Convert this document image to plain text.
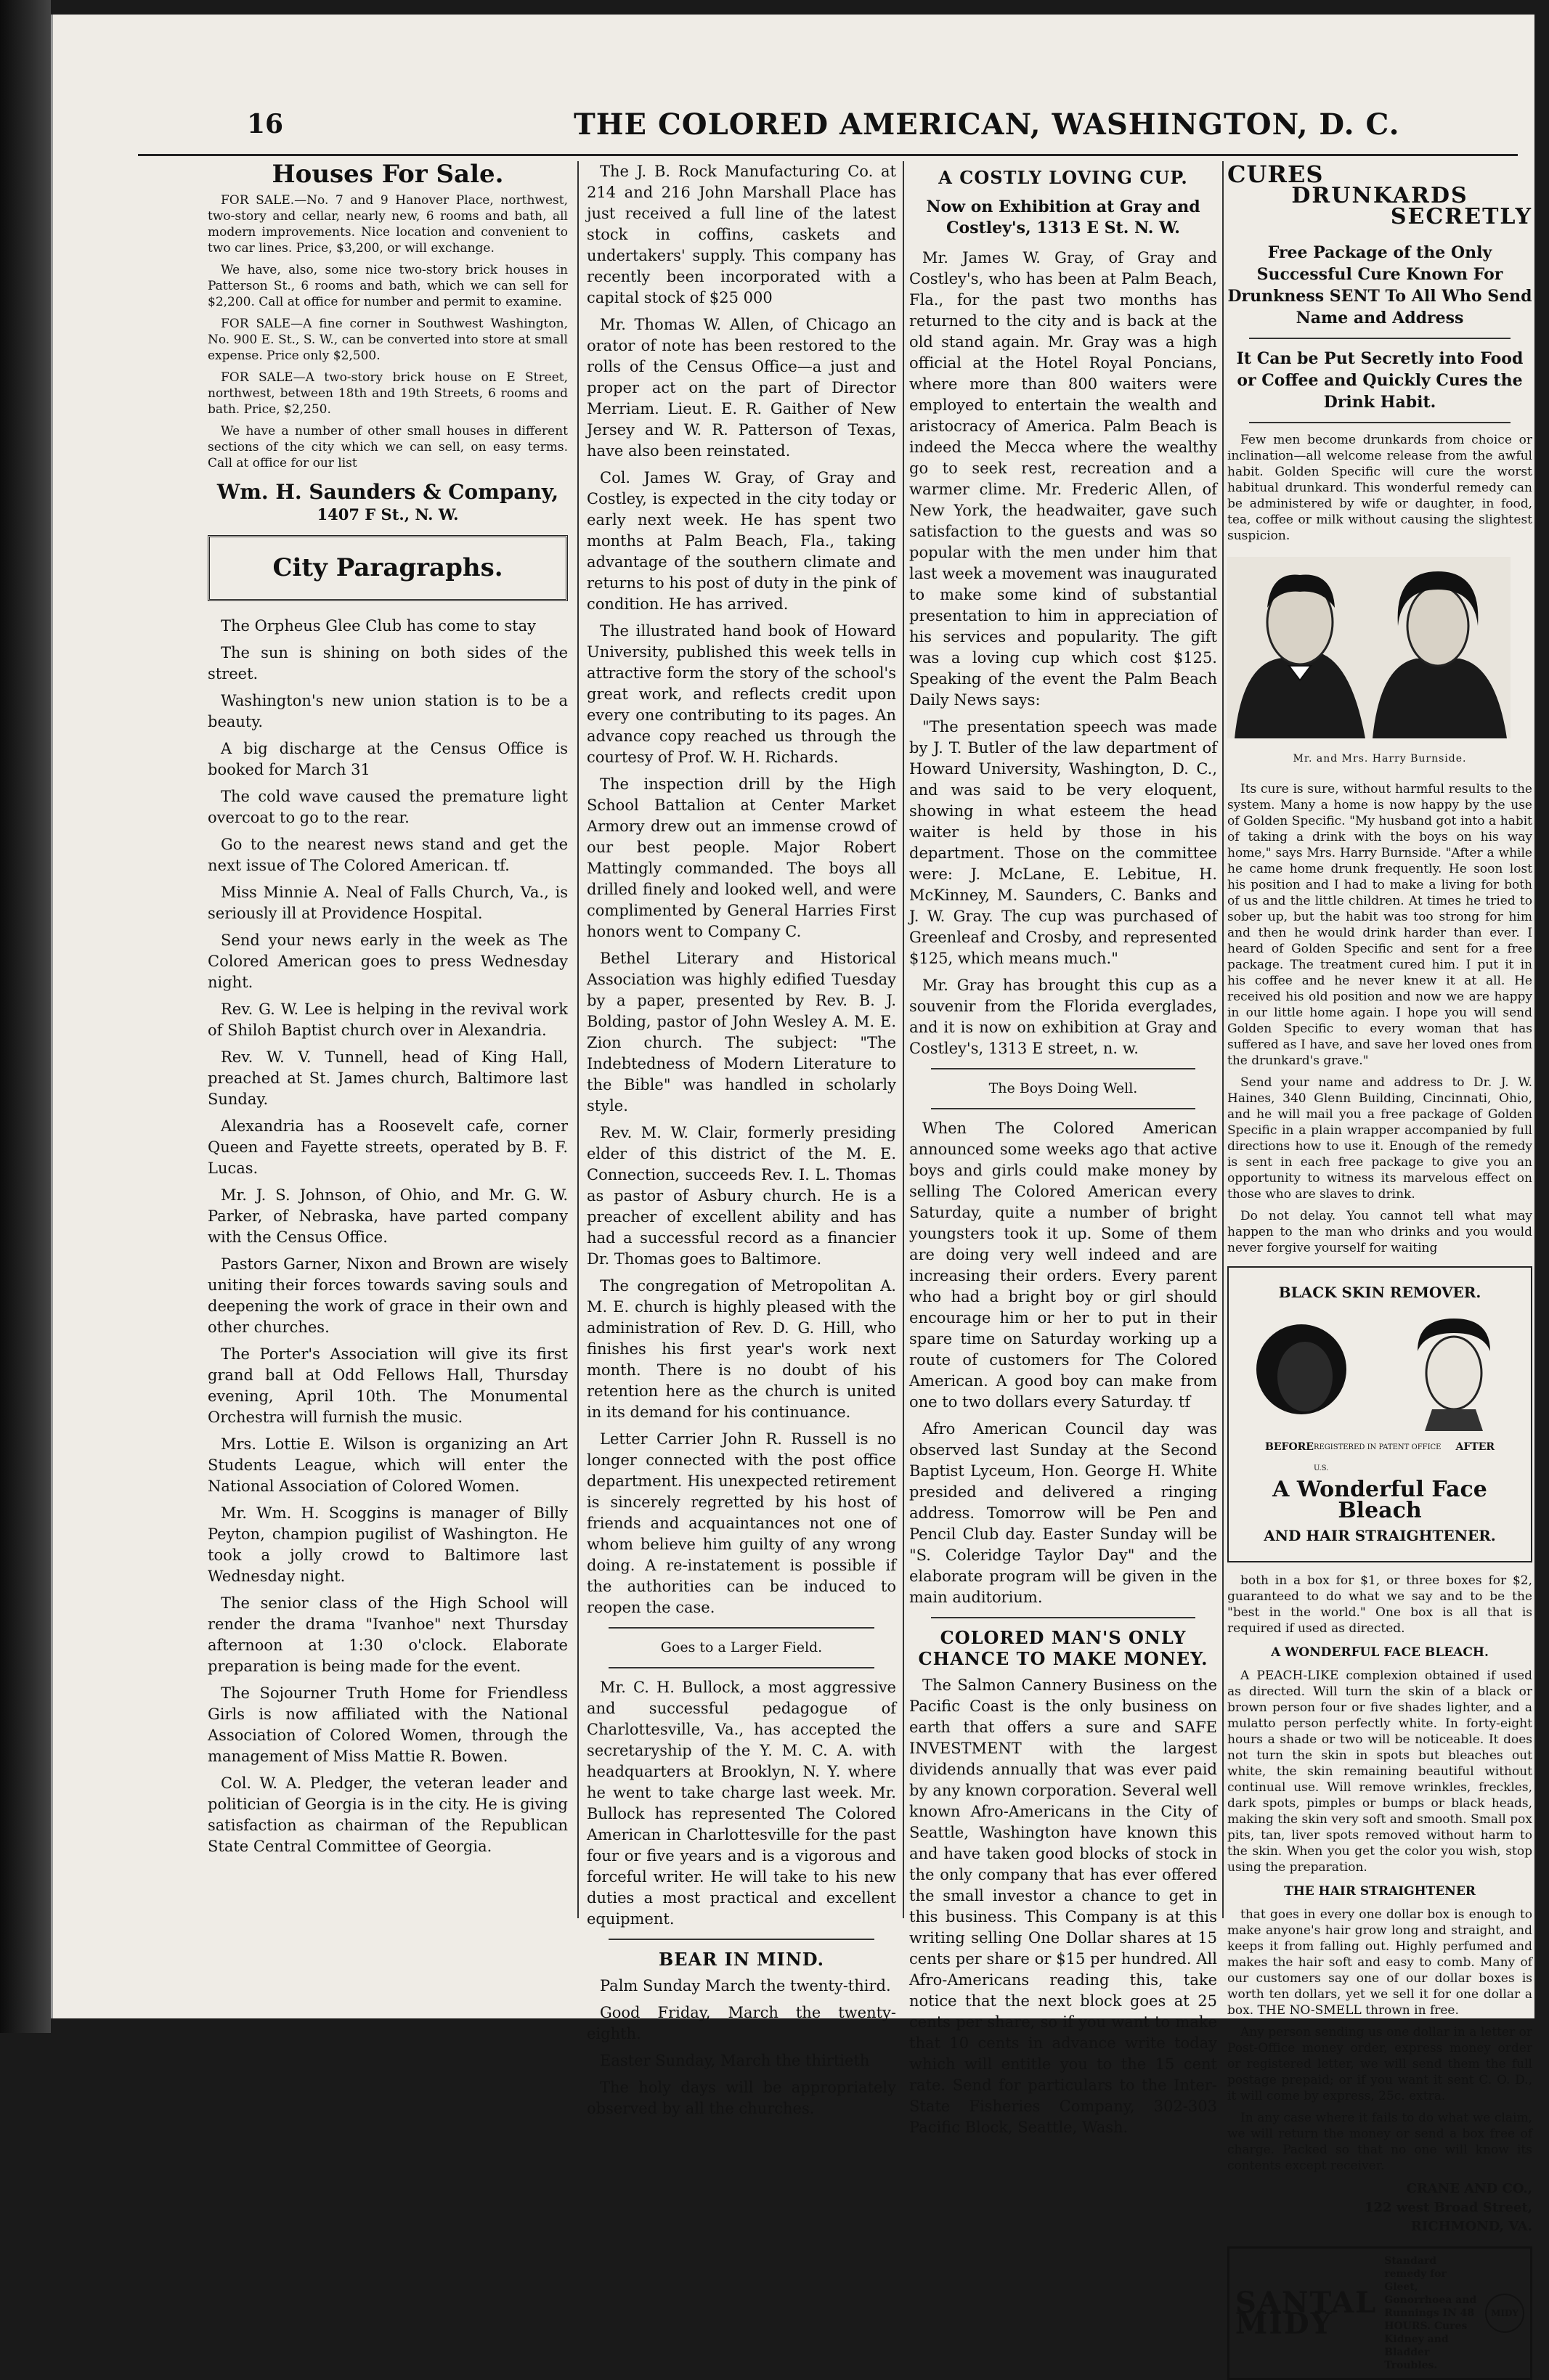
16	THE COLORED AMERICAN, WASHINGTON, D. C.
Houses For Sale.

FOR SALE.—No. 7 and 9 Hanover Place, northwest, two-story and cellar, nearly new, 6 rooms and bath, all modern improvements. Nice location and convenient to two car lines. Price, $3,200, or will exchange.

We have, also, some nice two-story brick houses in Patterson St., 6 rooms and bath, which we can sell for $2,200. Call at office for number and permit to examine.

FOR SALE—A fine corner in Southwest Washington, No. 900 E. St., S. W., can be converted into store at small expense. Price only $2,500.

FOR SALE—A two-story brick house on E Street, northwest, between 18th and 19th Streets, 6 rooms and bath. Price, $2,250.

We have a number of other small houses in different sections of the city which we can sell, on easy terms. Call at office for our list

Wm. H. Saunders & Company,
1407 F St., N. W.
City Paragraphs.

The Orpheus Glee Club has come to stay

The sun is shining on both sides of the street.

Washington's new union station is to be a beauty.

A big discharge at the Census Office is booked for March 31

The cold wave caused the premature light overcoat to go to the rear.

Go to the nearest news stand and get the next issue of The Colored American. tf.

Miss Minnie A. Neal of Falls Church, Va., is seriously ill at Providence Hospital.

Send your news early in the week as The Colored American goes to press Wednesday night.

Rev. G. W. Lee is helping in the revival work of Shiloh Baptist church over in Alexandria.

Rev. W. V. Tunnell, head of King Hall, preached at St. James church, Baltimore last Sunday.

Alexandria has a Roosevelt cafe, corner Queen and Fayette streets, operated by B. F. Lucas.

Mr. J. S. Johnson, of Ohio, and Mr. G. W. Parker, of Nebraska, have parted company with the Census Office.

Pastors Garner, Nixon and Brown are wisely uniting their forces towards saving souls and deepening the work of grace in their own and other churches.

The Porter's Association will give its first grand ball at Odd Fellows Hall, Thursday evening, April 10th. The Monumental Orchestra will furnish the music.

Mrs. Lottie E. Wilson is organizing an Art Students League, which will enter the National Association of Colored Women.

Mr. Wm. H. Scoggins is manager of Billy Peyton, champion pugilist of Washington. He took a jolly crowd to Baltimore last Wednesday night.

The senior class of the High School will render the drama "Ivanhoe" next Thursday afternoon at 1:30 o'clock. Elaborate preparation is being made for the event.

The Sojourner Truth Home for Friendless Girls is now affiliated with the National Association of Colored Women, through the management of Miss Mattie R. Bowen.

Col. W. A. Pledger, the veteran leader and politician of Georgia is in the city. He is giving satisfaction as chairman of the Republican State Central Committee of Georgia.

The J. B. Rock Manufacturing Co. at 214 and 216 John Marshall Place has just received a full line of the latest stock in coffins, caskets and undertakers' supply. This company has recently been incorporated with a capital stock of $25 000

Mr. Thomas W. Allen, of Chicago an orator of note has been restored to the rolls of the Census Office—a just and proper act on the part of Director Merriam. Lieut. E. R. Gaither of New Jersey and W. R. Patterson of Texas, have also been reinstated.

Col. James W. Gray, of Gray and Costley, is expected in the city today or early next week. He has spent two months at Palm Beach, Fla., taking advantage of the southern climate and returns to his post of duty in the pink of condition. He has arrived.

The illustrated hand book of Howard University, published this week tells in attractive form the story of the school's great work, and reflects credit upon every one contributing to its pages. An advance copy reached us through the courtesy of Prof. W. H. Richards.

The inspection drill by the High School Battalion at Center Market Armory drew out an immense crowd of our best people. Major Robert Mattingly commanded. The boys all drilled finely and looked well, and were complimented by General Harries First honors went to Company C.

Bethel Literary and Historical Association was highly edified Tuesday by a paper, presented by Rev. B. J. Bolding, pastor of John Wesley A. M. E. Zion church. The subject: "The Indebtedness of Modern Literature to the Bible" was handled in scholarly style.

Rev. M. W. Clair, formerly presiding elder of this district of the M. E. Connection, succeeds Rev. I. L. Thomas as pastor of Asbury church. He is a preacher of excellent ability and has had a successful record as a financier Dr. Thomas goes to Baltimore.

The congregation of Metropolitan A. M. E. church is highly pleased with the administration of Rev. D. G. Hill, who finishes his first year's work next month. There is no doubt of his retention here as the church is united in its demand for his continuance.

Letter Carrier John R. Russell is no longer connected with the post office department. His unexpected retirement is sincerely regretted by his host of friends and acquaintances not one of whom believe him guilty of any wrong doing. A re-instatement is possible if the authorities can be induced to reopen the case.

Goes to a Larger Field.

Mr. C. H. Bullock, a most aggressive and successful pedagogue of Charlottesville, Va., has accepted the secretaryship of the Y. M. C. A. with headquarters at Brooklyn, N. Y. where he went to take charge last week. Mr. Bullock has represented The Colored American in Charlottesville for the past four or five years and is a vigorous and forceful writer. He will take to his new duties a most practical and excellent equipment.

BEAR IN MIND.

Palm Sunday March the twenty-third.

Good Friday, March the twenty-eighth.

Easter Sunday, March the thirtieth

The holy days will be appropriately observed by all the churches.

A COSTLY LOVING CUP.
Now on Exhibition at Gray and Costley's, 1313 E St. N. W.

Mr. James W. Gray, of Gray and Costley's, who has been at Palm Beach, Fla., for the past two months has returned to the city and is back at the old stand again. Mr. Gray was a high official at the Hotel Royal Poncians, where more than 800 waiters were employed to entertain the wealth and aristocracy of America. Palm Beach is indeed the Mecca where the wealthy go to seek rest, recreation and a warmer clime. Mr. Frederic Allen, of New York, the headwaiter, gave such satisfaction to the guests and was so popular with the men under him that last week a movement was inaugurated to make some kind of substantial presentation to him in appreciation of his services and popularity. The gift was a loving cup which cost $125. Speaking of the event the Palm Beach Daily News says:

"The presentation speech was made by J. T. Butler of the law department of Howard University, Washington, D. C., and was said to be very eloquent, showing in what esteem the head waiter is held by those in his department. Those on the committee were: J. McLane, E. Lebitue, H. McKinney, M. Saunders, C. Banks and J. W. Gray. The cup was purchased of Greenleaf and Crosby, and represented $125, which means much."

Mr. Gray has brought this cup as a souvenir from the Florida everglades, and it is now on exhibition at Gray and Costley's, 1313 E street, n. w.

The Boys Doing Well.

When The Colored American announced some weeks ago that active boys and girls could make money by selling The Colored American every Saturday, quite a number of bright youngsters took it up. Some of them are doing very well indeed and are increasing their orders. Every parent who had a bright boy or girl should encourage him or her to put in their spare time on Saturday working up a route of customers for The Colored American. A good boy can make from one to two dollars every Saturday. tf

Afro American Council day was observed last Sunday at the Second Baptist Lyceum, Hon. George H. White presided and delivered a ringing address. Tomorrow will be Pen and Pencil Club day. Easter Sunday will be "S. Coleridge Taylor Day" and the elaborate program will be given in the main auditorium.

COLORED MAN'S ONLY CHANCE TO MAKE MONEY.

The Salmon Cannery Business on the Pacific Coast is the only business on earth that offers a sure and SAFE INVESTMENT with the largest dividends annually that was ever paid by any known corporation. Several well known Afro-Americans in the City of Seattle, Washington have known this and have taken good blocks of stock in the only company that has ever offered the small investor a chance to get in this business. This Company is at this writing selling One Dollar shares at 15 cents per share or $15 per hundred. All Afro-Americans reading this, take notice that the next block goes at 25 cents per share, so if you want to make that 10 cents in advance write today which will entitle you to the 15 cent rate. Send for particulars to the Inter-State Fisheries Company, 302-303 Pacific Block, Seattle, Wash.

CURES
DRUNKARDS
SECRETLY
Free Package of the Only Successful Cure Known For Drunkness SENT To All Who Send Name and Address
It Can be Put Secretly into Food or Coffee and Quickly Cures the Drink Habit.

Few men become drunkards from choice or inclination—all welcome release from the awful habit. Golden Specific will cure the worst habitual drunkard. This wonderful remedy can be administered by wife or daughter, in food, tea, coffee or milk without causing the slightest suspicion.

Mr. and Mrs. Harry Burnside.

Its cure is sure, without harmful results to the system. Many a home is now happy by the use of Golden Specific. "My husband got into a habit of taking a drink with the boys on his way home," says Mrs. Harry Burnside. "After a while he came home drunk frequently. He soon lost his position and I had to make a living for both of us and the little children. At times he tried to sober up, but the habit was too strong for him and then he would drink harder than ever. I heard of Golden Specific and sent for a free package. The treatment cured him. I put it in his coffee and he never knew it at all. He received his old position and now we are happy in our little home again. I hope you will send Golden Specific to every woman that has suffered as I have, and save her loved ones from the drunkard's grave."

Send your name and address to Dr. J. W. Haines, 340 Glenn Building, Cincinnati, Ohio, and he will mail you a free package of Golden Specific in a plain wrapper accompanied by full directions how to use it. Enough of the remedy is sent in each free package to give you an opportunity to witness its marvelous effect on those who are slaves to drink.

Do not delay. You cannot tell what may happen to the man who drinks and you would never forgive yourself for waiting

BLACK SKIN REMOVER.
BEFORE REGISTERED IN PATENT OFFICE U.S.
AFTER
A Wonderful Face Bleach
AND HAIR STRAIGHTENER.

both in a box for $1, or three boxes for $2, guaranteed to do what we say and to be the "best in the world." One box is all that is required if used as directed.

A WONDERFUL FACE BLEACH.

A PEACH-LIKE complexion obtained if used as directed. Will turn the skin of a black or brown person four or five shades lighter, and a mulatto person perfectly white. In forty-eight hours a shade or two will be noticeable. It does not turn the skin in spots but bleaches out white, the skin remaining beautiful without continual use. Will remove wrinkles, freckles, dark spots, pimples or bumps or black heads, making the skin very soft and smooth. Small pox pits, tan, liver spots removed without harm to the skin. When you get the color you wish, stop using the preparation.

THE HAIR STRAIGHTENER

that goes in every one dollar box is enough to make anyone's hair grow long and straight, and keeps it from falling out. Highly perfumed and makes the hair soft and easy to comb. Many of our customers say one of our dollar boxes is worth ten dollars, yet we sell it for one dollar a box. THE NO-SMELL thrown in free.

Any person sending us one dollar in a letter or Post-Office money order, express money order or registered letter, we will send them the full postage prepaid; or if you want it sent C. O. D., it will come by express, 25c. extra.

In any case where it fails to do what we claim, we will return the money or send a box free of charge. Packed so that no one will know its contents except receiver.

CRANE AND CO.,
122 west Broad Street,
RICHMOND, VA.
SANTAL MIDY
Standard remedy for Gleet, Gonorrhoea and Runnings IN 48 HOURS. Cures Kidney and Bladder Troubles.
MIDY
